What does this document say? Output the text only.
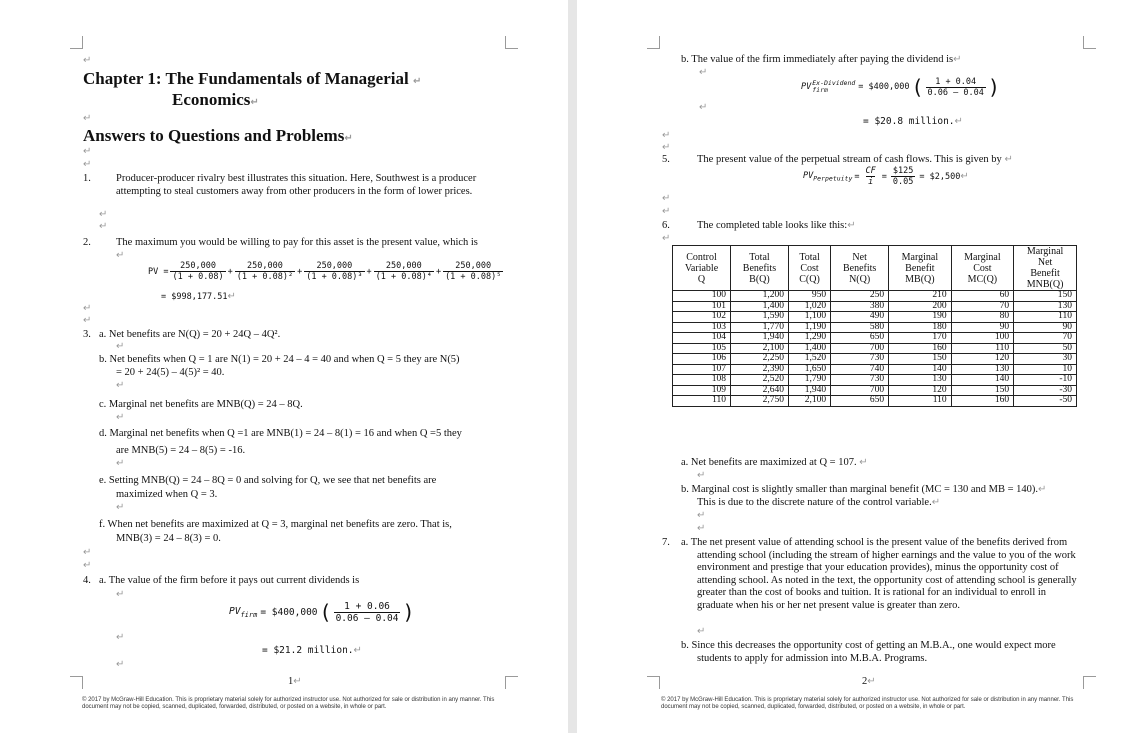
↵
Chapter 1: The Fundamentals of Managerial ↵
Economics↵
↵
Answers to Questions and Problems↵
↵
↵
1. Producer-producer rivalry best illustrates this situation. Here, Southwest is a producer attempting to steal customers away from other producers in the form of lower prices.
↵
↵
2. The maximum you would be willing to pay for this asset is the present value, which is
↵
PV = $\frac{250,000}{(1 + 0.08)} + \frac{250,000}{\text{(1 + 0.08)²}} + \frac{250,000}{\text{(1 + 0.08)³}} + \frac{250,000}{\text{(1 + 0.08)⁴}} + \frac{250,000}{\text{(1 + 0.08)⁵}}$
= $998,177.51↵
↵
↵
3. a. Net benefits are N(Q) = 20 + 24Q – 4Q².
↵
b. Net benefits when Q = 1 are N(1) = 20 + 24 – 4 = 40 and when Q = 5 they are N(5)
= 20 + 24(5) – 4(5)² = 40.
↵
c. Marginal net benefits are MNB(Q) = 24 – 8Q.
↵
d. Marginal net benefits when Q =1 are MNB(1) = 24 – 8(1) = 16 and when Q =5 they
are MNB(5) = 24 – 8(5) = -16.
↵
e. Setting MNB(Q) = 24 – 8Q = 0 and solving for Q, we see that net benefits are
maximized when Q = 3.
↵
f. When net benefits are maximized at Q = 3, marginal net benefits are zero. That is,
MNB(3) = 24 – 8(3) = 0.
↵
↵
4. a. The value of the firm before it pays out current dividends is
↵
$PV_{firm}$ = $400,000 ( $\frac{1 + 0.06}{0.06 - 0.04}$ )
↵
= $21.2 million.↵
↵
1↵
© 2017 by McGraw-Hill Education. This is proprietary material solely for authorized instructor use. Not authorized for sale or distribution in any manner. This document may not be copied, scanned, duplicated, forwarded, distributed, or posted on a website, in whole or part.
b. The value of the firm immediately after paying the dividend is↵
↵
PV Ex-Dividend
firm	= $400,000 ( $\frac{1 + 0.04}{0.06 - 0.04}$ )
↵
= $20.8 million.↵
↵
↵
5.	The present value of the perpetual stream of cash flows. This is given by ↵
$PV_{Perpetuity} = \frac{CF}{i} = \frac{\$125}{0.05}$ = $2,500 ↵
↵
↵
6.	The completed table looks like this:↵
↵
Control
Variable
Q	Total
Benefits
B(Q)	Total
Cost
C(Q)	Net
Benefits
N(Q)	Marginal
Benefit
MB(Q)	Marginal
Cost
MC(Q)	Marginal
Net
Benefit
MNB(Q)
100	1,200	950	250	210	60	150
101	1,400	1,020	380	200	70	130
102	1,590	1,100	490	190	80	110
103	1,770	1,190	580	180	90	90
104	1,940	1,290	650	170	100	70
105	2,100	1,400	700	160	110	50
106	2,250	1,520	730	150	120	30
107	2,390	1,650	740	140	130	10
108	2,520	1,790	730	130	140	-10
109	2,640	1,940	700	120	150	-30
110	2,750	2,100	650	110	160	-50
a. Net benefits are maximized at Q = 107. ↵
↵
b. Marginal cost is slightly smaller than marginal benefit (MC = 130 and MB = 140).↵
This is due to the discrete nature of the control variable.↵
↵
↵
7. a. The net present value of attending school is the present value of the benefits derived from attending school (including the stream of higher earnings and the value to you of the work environment and prestige that your education provides), minus the opportunity cost of attending school. As noted in the text, the opportunity cost of attending school is generally greater than the cost of books and tuition. It is rational for an individual to enroll in graduate when his or her net present value is greater than zero.
↵
b. Since this decreases the opportunity cost of getting an M.B.A., one would expect more students to apply for admission into M.B.A. Programs.
2↵
© 2017 by McGraw-Hill Education. This is proprietary material solely for authorized instructor use. Not authorized for sale or distribution in any manner. This document may not be copied, scanned, duplicated, forwarded, distributed, or posted on a website, in whole or part.
